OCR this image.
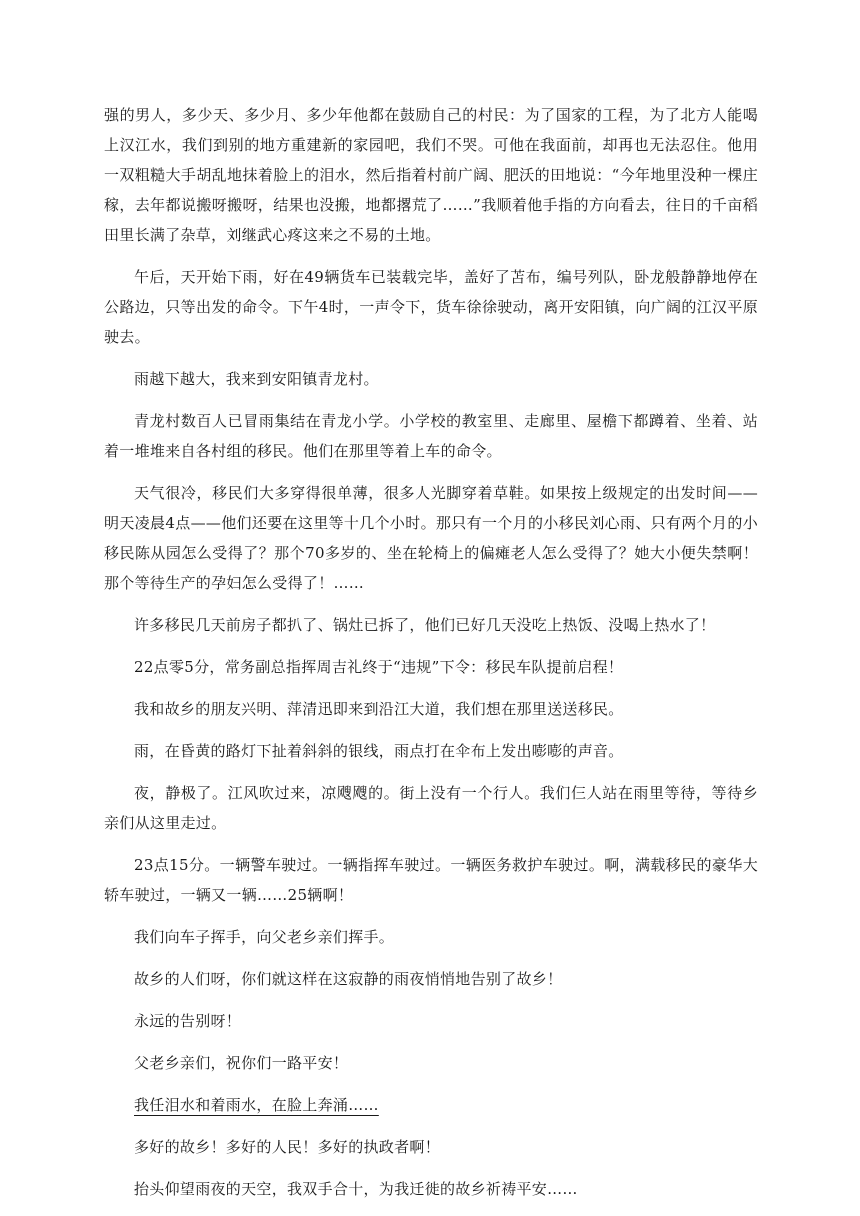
强的男人，多少天、多少月、多少年他都在鼓励自己的村民：为了国家的工程，为了北方人能喝上汉江水，我们到别的地方重建新的家园吧，我们不哭。可他在我面前，却再也无法忍住。他用一双粗糙大手胡乱地抹着脸上的泪水，然后指着村前广阔、肥沃的田地说：“今年地里没种一棵庄稼，去年都说搬呀搬呀，结果也没搬，地都撂荒了……”我顺着他手指的方向看去，往日的千亩稻田里长满了杂草，刘继武心疼这来之不易的土地。

午后，天开始下雨，好在49辆货车已装载完毕，盖好了苫布，编号列队，卧龙般静静地停在公路边，只等出发的命令。下午4时，一声令下，货车徐徐驶动，离开安阳镇，向广阔的江汉平原驶去。

雨越下越大，我来到安阳镇青龙村。

青龙村数百人已冒雨集结在青龙小学。小学校的教室里、走廊里、屋檐下都蹲着、坐着、站着一堆堆来自各村组的移民。他们在那里等着上车的命令。

天气很冷，移民们大多穿得很单薄，很多人光脚穿着草鞋。如果按上级规定的出发时间——明天凌晨4点——他们还要在这里等十几个小时。那只有一个月的小移民刘心雨、只有两个月的小移民陈从园怎么受得了？那个70多岁的、坐在轮椅上的偏瘫老人怎么受得了？她大小便失禁啊！那个等待生产的孕妇怎么受得了！……

许多移民几天前房子都扒了、锅灶已拆了，他们已好几天没吃上热饭、没喝上热水了！

22点零5分，常务副总指挥周吉礼终于“违规”下令：移民车队提前启程！

我和故乡的朋友兴明、萍清迅即来到沿江大道，我们想在那里送送移民。

雨，在昏黄的路灯下扯着斜斜的银线，雨点打在伞布上发出嘭嘭的声音。

夜，静极了。江风吹过来，凉飕飕的。街上没有一个行人。我们仨人站在雨里等待，等待乡亲们从这里走过。

23点15分。一辆警车驶过。一辆指挥车驶过。一辆医务救护车驶过。啊，满载移民的豪华大轿车驶过，一辆又一辆……25辆啊！

我们向车子挥手，向父老乡亲们挥手。

故乡的人们呀，你们就这样在这寂静的雨夜悄悄地告别了故乡！

永远的告别呀！

父老乡亲们，祝你们一路平安！

我任泪水和着雨水，在脸上奔涌……

多好的故乡！多好的人民！多好的执政者啊！

抬头仰望雨夜的天空，我双手合十，为我迁徙的故乡祈祷平安……
